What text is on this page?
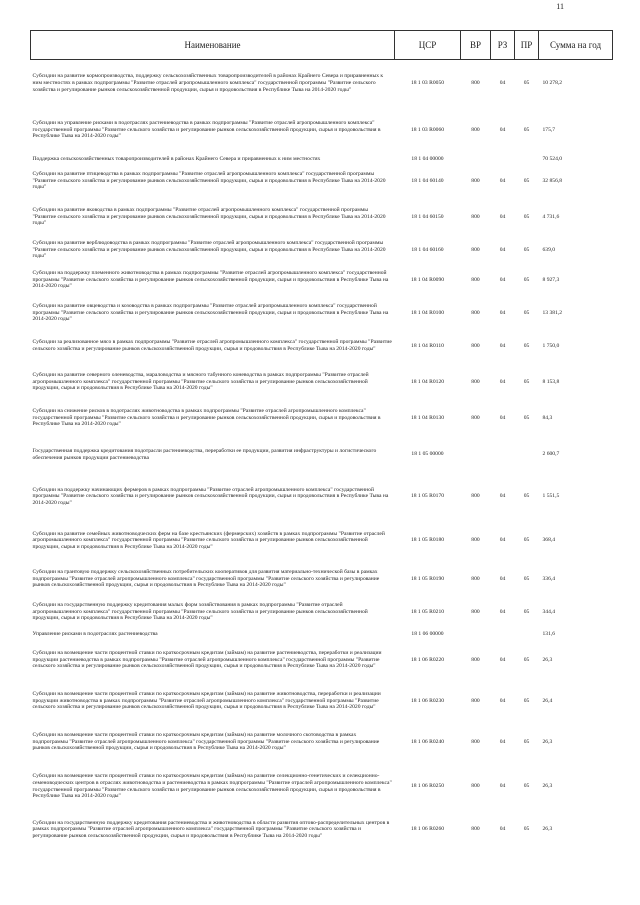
11
Наименование	ЦСР	ВР	РЗ	ПР	Сумма на год
Субсидии на развитие кормопроизводства, поддержку сельскохозяйственных товаропроизводителей в районах Крайнего Севера и приравненных к ним местностях в рамках подпрограммы "Развитие отраслей агропромышленного комплекса" государственной программы "Развитие сельского хозяйства и регулирование рынков сельскохозяйственной продукции, сырья и продовольствия в Республике Тыва на 2014-2020 годы"	18 1 03 R0050	800	04	05	10 278,2
Субсидии на управление рисками в подотраслях растениеводства в рамках подпрограммы "Развитие отраслей агропромышленного комплекса" государственной программы "Развитие сельского хозяйства и регулирование рынков сельскохозяйственной продукции, сырья и продовольствия в Республике Тыва на 2014-2020 годы"	18 1 03 R0060	800	04	05	175,7
Поддержка сельскохозяйственных товаропроизводителей в районах Крайнего Севера и приравненных к ним местностях	18 1 04 00000				70 524,0
Субсидии на развитие птицеводства в рамках подпрограммы "Развитие отраслей агропромышленного комплекса" государственной программы "Развитие сельского хозяйства и регулирование рынков сельскохозяйственной продукции, сырья и продовольствия в Республике Тыва на 2014-2020 годы"	18 1 04 60140	800	04	05	32 856,8
Субсидии на развитие яководства в рамках подпрограммы "Развитие отраслей агропромышленного комплекса" государственной программы "Развитие сельского хозяйства и регулирование рынков сельскохозяйственной продукции, сырья и продовольствия в Республике Тыва на 2014-2020 годы"	18 1 04 60150	800	04	05	4 731,6
Субсидии на развитие верблюдоводства в рамках подпрограммы "Развитие отраслей агропромышленного комплекса" государственной программы "Развитие сельского хозяйства и регулирование рынков сельскохозяйственной продукции, сырья и продовольствия в Республике Тыва на 2014-2020 годы"	18 1 04 60160	800	04	05	639,0
Субсидии на поддержку племенного животноводства в рамках подпрограммы "Развитие отраслей агропромышленного комплекса" государственной программы "Развитие сельского хозяйства и регулирование рынков сельскохозяйственной продукции, сырья и продовольствия в Республике Тыва на 2014-2020 годы"	18 1 04 R0090	800	04	05	8 927,3
Субсидии на развитие овцеводства и козоводства в рамках подпрограммы "Развитие отраслей агропромышленного комплекса" государственной программы "Развитие сельского хозяйства и регулирование рынков сельскохозяйственной продукции, сырья и продовольствия в Республике Тыва на 2014-2020 годы"	18 1 04 R0100	800	04	05	13 381,2
Субсидии за реализованное мясо в рамках подпрограммы "Развитие отраслей агропромышленного комплекса" государственной программы "Развитие сельского хозяйства и регулирование рынков сельскохозяйственной продукции, сырья и продовольствия в Республике Тыва на 2014-2020 годы"	18 1 04 R0110	800	04	05	1 750,0
Субсидии на развитие северного оленеводства, мараловодства и мясного табунного коневодства в рамках подпрограммы "Развитие отраслей агропромышленного комплекса" государственной программы "Развитие сельского хозяйства и регулирование рынков сельскохозяйственной продукции, сырья и продовольствия в Республике Тыва на 2014-2020 годы"	18 1 04 R0120	800	04	05	8 153,8
Субсидии на снижение рисков в подотраслях животноводства в рамках подпрограммы "Развитие отраслей агропромышленного комплекса" государственной программы "Развитие сельского хозяйства и регулирование рынков сельскохозяйственной продукции, сырья и продовольствия в Республике Тыва на 2014-2020 годы"	18 1 04 R0130	800	04	05	84,3
Государственная поддержка кредитования подотрасли растениеводства, переработки ее продукции, развития инфраструктуры и логистического обеспечения рынков продукции растениеводства	18 1 05 00000				2 600,7
Субсидии на поддержку начинающих фермеров в рамках подпрограммы "Развитие отраслей агропромышленного комплекса" государственной программы "Развитие сельского хозяйства и регулирование рынков сельскохозяйственной продукции, сырья и продовольствия в Республике Тыва на 2014-2020 годы"	18 1 05 R0170	800	04	05	1 551,5
Субсидии на развитие семейных животноводческих ферм на базе крестьянских (фермерских) хозяйств в рамках подпрограммы "Развитие отраслей агропромышленного комплекса" государственной программы "Развитие сельского хозяйства и регулирование рынков сельскохозяйственной продукции, сырья и продовольствия в Республике Тыва на 2014-2020 годы"	18 1 05 R0180	800	04	05	368,4
Субсидии на грантовую поддержку сельскохозяйственных потребительских кооперативов для развития материально-технической базы в рамках подпрограммы "Развитие отраслей агропромышленного комплекса" государственной программы "Развитие сельского хозяйства и регулирование рынков сельскохозяйственной продукции, сырья и продовольствия в Республике Тыва на 2014-2020 годы"	18 1 05 R0190	800	04	05	336,4
Субсидии на государственную поддержку кредитования малых форм хозяйствования в рамках подпрограммы "Развитие отраслей агропромышленного комплекса" государственной программы "Развитие сельского хозяйства и регулирование рынков сельскохозяйственной продукции, сырья и продовольствия в Республике Тыва на 2014-2020 годы"	18 1 05 R0210	800	04	05	344,4
Управление рисками в подотраслях растениеводства	18 1 06 00000				131,6
Субсидии на возмещение части процентной ставки по краткосрочным кредитам (займам) на развитие растениеводства, переработки и реализации продукции растениеводства в рамках подпрограммы "Развитие отраслей агропромышленного комплекса" государственной программы "Развитие сельского хозяйства и регулирование рынков сельскохозяйственной продукции, сырья и продовольствия в Республике Тыва на 2014-2020 годы"	18 1 06 R0220	800	04	05	26,3
Субсидии на возмещение части процентной ставки по краткосрочным кредитам (займам) на развитие животноводства, переработки и реализации продукции животноводства в рамках подпрограммы "Развитие отраслей агропромышленного комплекса" государственной программы "Развитие сельского хозяйства и регулирование рынков сельскохозяйственной продукции, сырья и продовольствия в Республике Тыва на 2014-2020 годы"	18 1 06 R0230	800	04	05	26,4
Субсидии на возмещение части процентной ставки по краткосрочным кредитам (займам) на развитие молочного скотоводства в рамках подпрограммы "Развитие отраслей агропромышленного комплекса" государственной программы "Развитие сельского хозяйства и регулирование рынков сельскохозяйственной продукции, сырья и продовольствия в Республике Тыва на 2014-2020 годы"	18 1 06 R0240	800	04	05	26,3
Субсидии на возмещение части процентной ставки по краткосрочным кредитам (займам) на развитие селекционно-генетических и селекционно-семеноводческих центров в отраслях животноводства и растениеводства в рамках подпрограммы "Развитие отраслей агропромышленного комплекса" государственной программы "Развитие сельского хозяйства и регулирование рынков сельскохозяйственной продукции, сырья и продовольствия в Республике Тыва на 2014-2020 годы"	18 1 06 R0250	800	04	05	26,3
Субсидии на государственную поддержку кредитования растениеводства и животноводства в области развития оптово-распределительных центров в рамках подпрограммы "Развитие отраслей агропромышленного комплекса" государственной программы "Развитие сельского хозяйства и регулирование рынков сельскохозяйственной продукции, сырья и продовольствия в Республике Тыва на 2014-2020 годы"	18 1 06 R0260	800	04	05	26,3
